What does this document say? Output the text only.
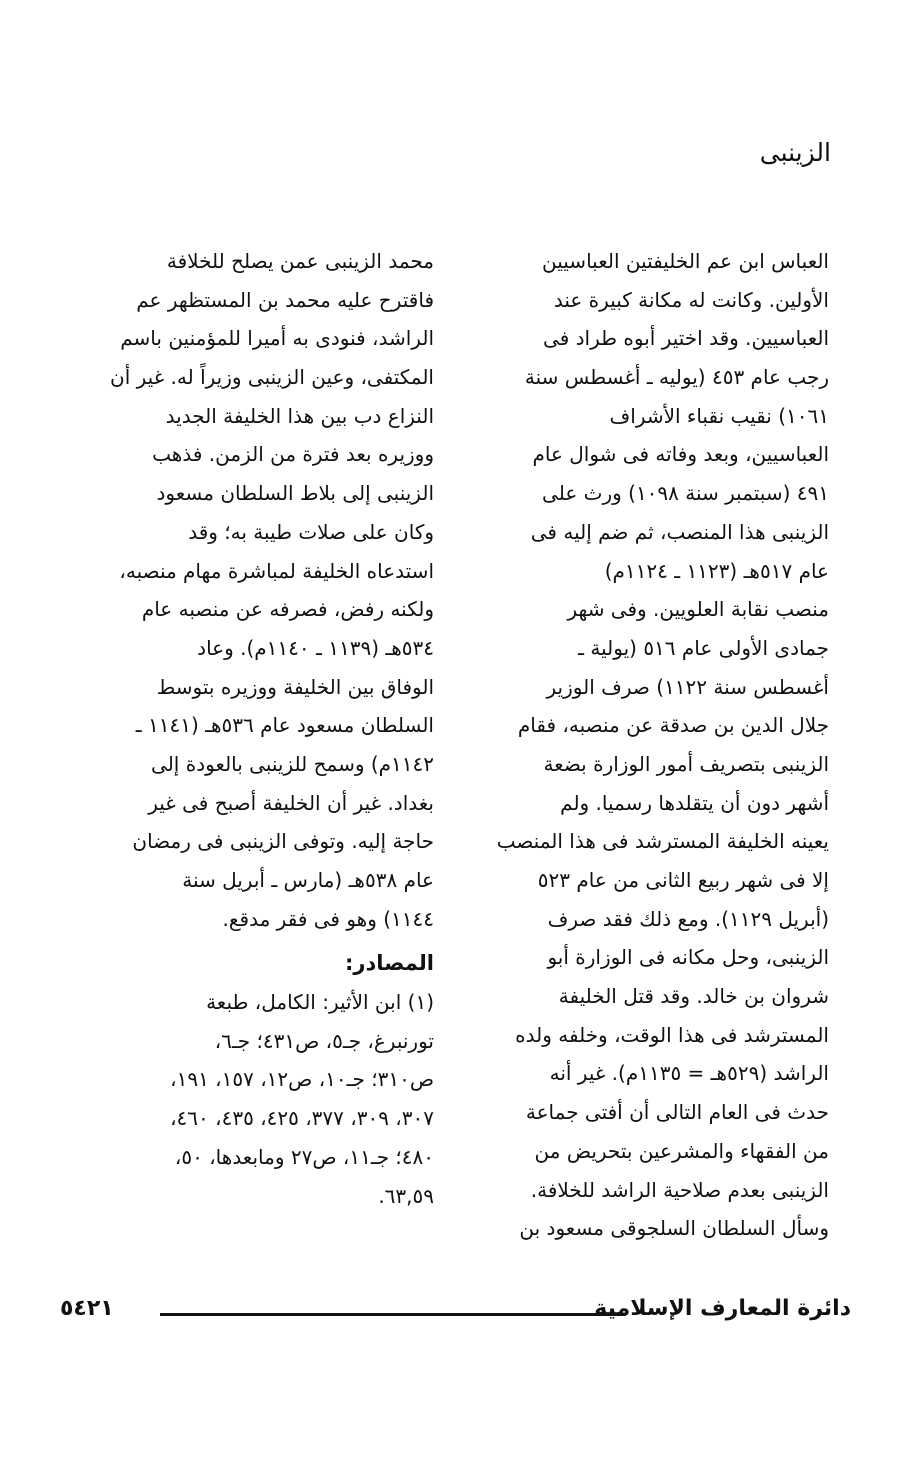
الزينبى
العباس ابن عم الخليفتين العباسيين
الأولين. وكانت له مكانة كبيرة عند
العباسيين. وقد اختير أبوه طراد فى
رجب عام ٤٥٣ (يوليه ـ أغسطس سنة
١٠٦١) نقيب نقباء الأشراف
العباسيين، وبعد وفاته فى شوال عام
٤٩١ (سبتمبر سنة ١٠٩٨) ورث على
الزينبى هذا المنصب، ثم ضم إليه فى
عام ٥١٧هـ (١١٢٣ ـ ١١٢٤م)
منصب نقابة العلويين. وفى شهر
جمادى الأولى عام ٥١٦ (يولية ـ
أغسطس سنة ١١٢٢) صرف الوزير
جلال الدين بن صدقة عن منصبه، فقام
الزينبى بتصريف أمور الوزارة بضعة
أشهر دون أن يتقلدها رسميا. ولم
يعينه الخليفة المسترشد فى هذا المنصب
إلا فى شهر ربيع الثانى من عام ٥٢٣
(أبريل ١١٢٩). ومع ذلك فقد صرف
الزينبى، وحل مكانه فى الوزارة أبو
شروان بن خالد. وقد قتل الخليفة
المسترشد فى هذا الوقت، وخلفه ولده
الراشد (٥٢٩هـ = ١١٣٥م). غير أنه
حدث فى العام التالى أن أفتى جماعة
من الفقهاء والمشرعين بتحريض من
الزينبى بعدم صلاحية الراشد للخلافة.
وسأل السلطان السلجوقى مسعود بن
محمد الزينبى عمن يصلح للخلافة
فاقترح عليه محمد بن المستظهر عم
الراشد، فنودى به أميرا للمؤمنين باسم
المكتفى، وعين الزينبى وزيراً له. غير أن
النزاع دب بين هذا الخليفة الجديد
ووزيره بعد فترة من الزمن. فذهب
الزينبى إلى بلاط السلطان مسعود
وكان على صلات طيبة به؛ وقد
استدعاه الخليفة لمباشرة مهام منصبه،
ولكنه رفض، فصرفه عن منصبه عام
٥٣٤هـ (١١٣٩ ـ ١١٤٠م). وعاد
الوفاق بين الخليفة ووزيره بتوسط
السلطان مسعود عام ٥٣٦هـ (١١٤١ ـ
١١٤٢م) وسمح للزينبى بالعودة إلى
بغداد. غير أن الخليفة أصبح فى غير
حاجة إليه. وتوفى الزينبى فى رمضان
عام ٥٣٨هـ (مارس ـ أبريل سنة
١١٤٤) وهو فى فقر مدقع.
المصادر:
(١) ابن الأثير: الكامل، طبعة
تورنبرغ، جـ٥، ص٤٣١؛ جـ٦،
ص٣١٠؛ جـ١٠، ص١٢، ١٥٧، ١٩١،
٣٠٧، ٣٠٩، ٣٧٧، ٤٢٥، ٤٣٥، ٤٦٠،
٤٨٠؛ جـ١١، ص٢٧ ومابعدها، ٥٠،
٦٣,٥٩.
دائرة المعارف الإسلامية
٥٤٢١
